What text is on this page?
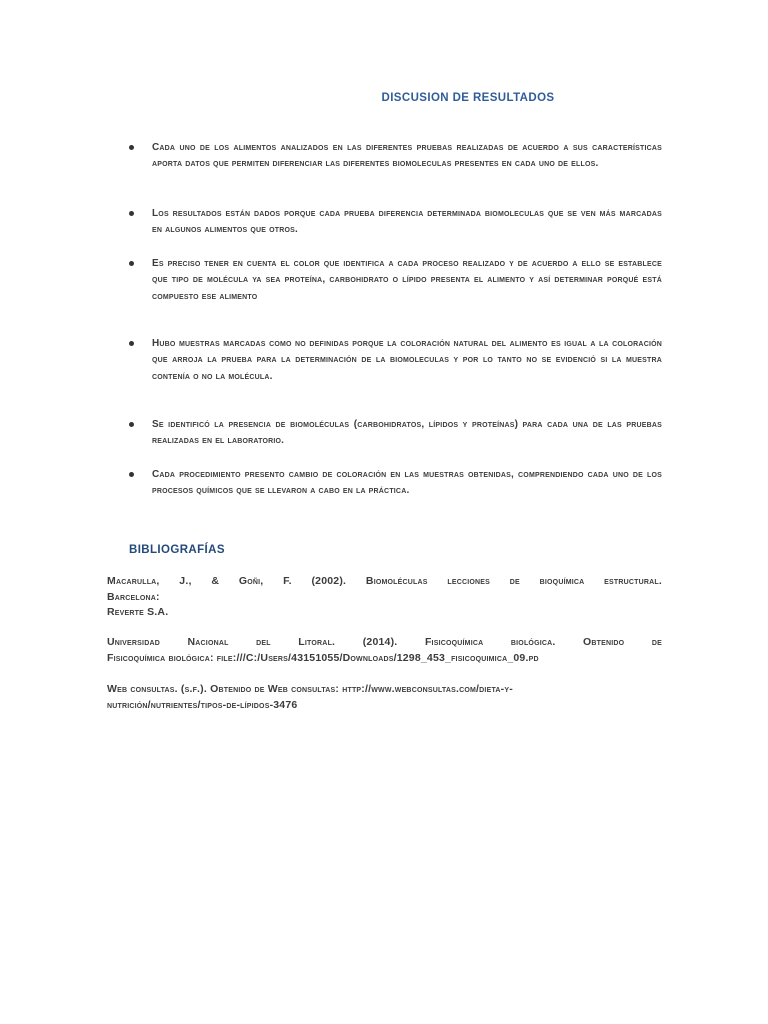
DISCUSION DE RESULTADOS
Cada uno de los alimentos analizados en las diferentes pruebas realizadas de acuerdo a sus características aporta datos que permiten diferenciar las diferentes biomoleculas presentes en cada uno de ellos.
Los resultados están dados porque cada prueba diferencia determinada biomoleculas que se ven más marcadas en algunos alimentos que otros.
Es preciso tener en cuenta el color que identifica a cada proceso realizado y de acuerdo a ello se establece que tipo de molécula ya sea proteína, carbohidrato o lípido presenta el alimento y así determinar porqué está compuesto ese alimento
Hubo muestras marcadas como no definidas porque la coloración natural del alimento es igual a la coloración que arroja la prueba para la determinación de la biomoleculas y por lo tanto no se evidenció si la muestra contenía o no la molécula.
Se identificó la presencia de biomoléculas (carbohidratos, lípidos y proteínas) para cada una de las pruebas realizadas en el laboratorio.
Cada procedimiento presento cambio de coloración en las muestras obtenidas, comprendiendo cada uno de los procesos químicos que se llevaron a cabo en la práctica.
BIBLIOGRAFÍAS
Macarulla, J., & Goñi, F. (2002). Biomoléculas lecciones de bioquímica estructural.
Barcelona:
Reverte S.A.
Universidad Nacional del Litoral. (2014). Fisicoquímica biológica. Obtenido de
Fisicoquímica biológica: file:///C:/Users/43151055/Downloads/1298_453_fisicoquimica_09.pd
Web consultas. (s.f.). Obtenido de Web consultas: http://www.webconsultas.com/dieta-y-
nutrición/nutrientes/tipos-de-lípidos-3476
